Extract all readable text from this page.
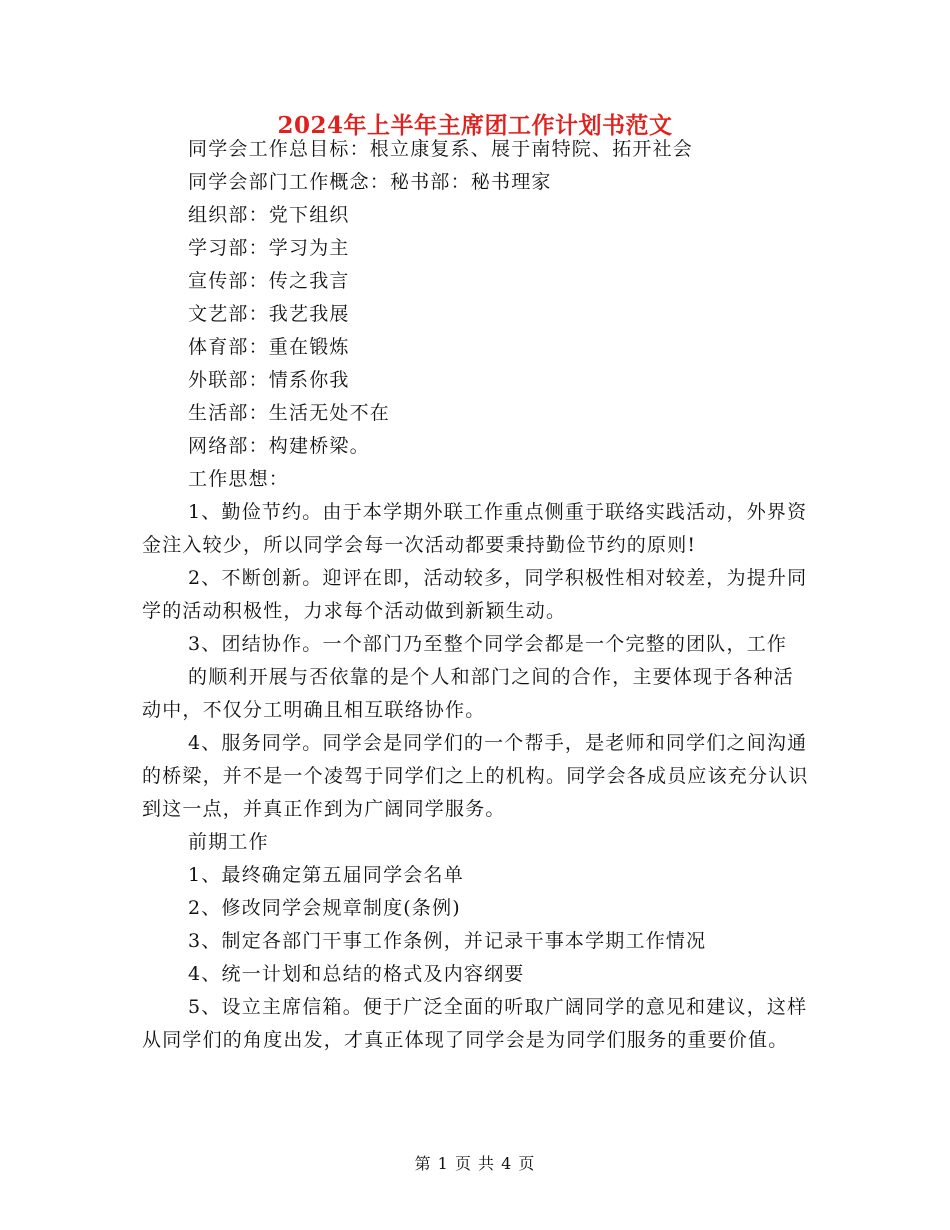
2024年上半年主席团工作计划书范文

同学会工作总目标：根立康复系、展于南特院、拓开社会

同学会部门工作概念：秘书部：秘书理家

组织部：党下组织

学习部：学习为主

宣传部：传之我言

文艺部：我艺我展

体育部：重在锻炼

外联部：情系你我

生活部：生活无处不在

网络部：构建桥梁。

工作思想：

1、勤俭节约。由于本学期外联工作重点侧重于联络实践活动，外界资金注入较少，所以同学会每一次活动都要秉持勤俭节约的原则!

2、不断创新。迎评在即，活动较多，同学积极性相对较差，为提升同学的活动积极性，力求每个活动做到新颖生动。

3、团结协作。一个部门乃至整个同学会都是一个完整的团队，工作

的顺利开展与否依靠的是个人和部门之间的合作，主要体现于各种活动中，不仅分工明确且相互联络协作。

4、服务同学。同学会是同学们的一个帮手，是老师和同学们之间沟通的桥梁，并不是一个凌驾于同学们之上的机构。同学会各成员应该充分认识到这一点，并真正作到为广阔同学服务。

前期工作

1、最终确定第五届同学会名单

2、修改同学会规章制度(条例)

3、制定各部门干事工作条例，并记录干事本学期工作情况

4、统一计划和总结的格式及内容纲要

5、设立主席信箱。便于广泛全面的听取广阔同学的意见和建议，这样从同学们的角度出发，才真正体现了同学会是为同学们服务的重要价值。

第 1 页 共 4 页
